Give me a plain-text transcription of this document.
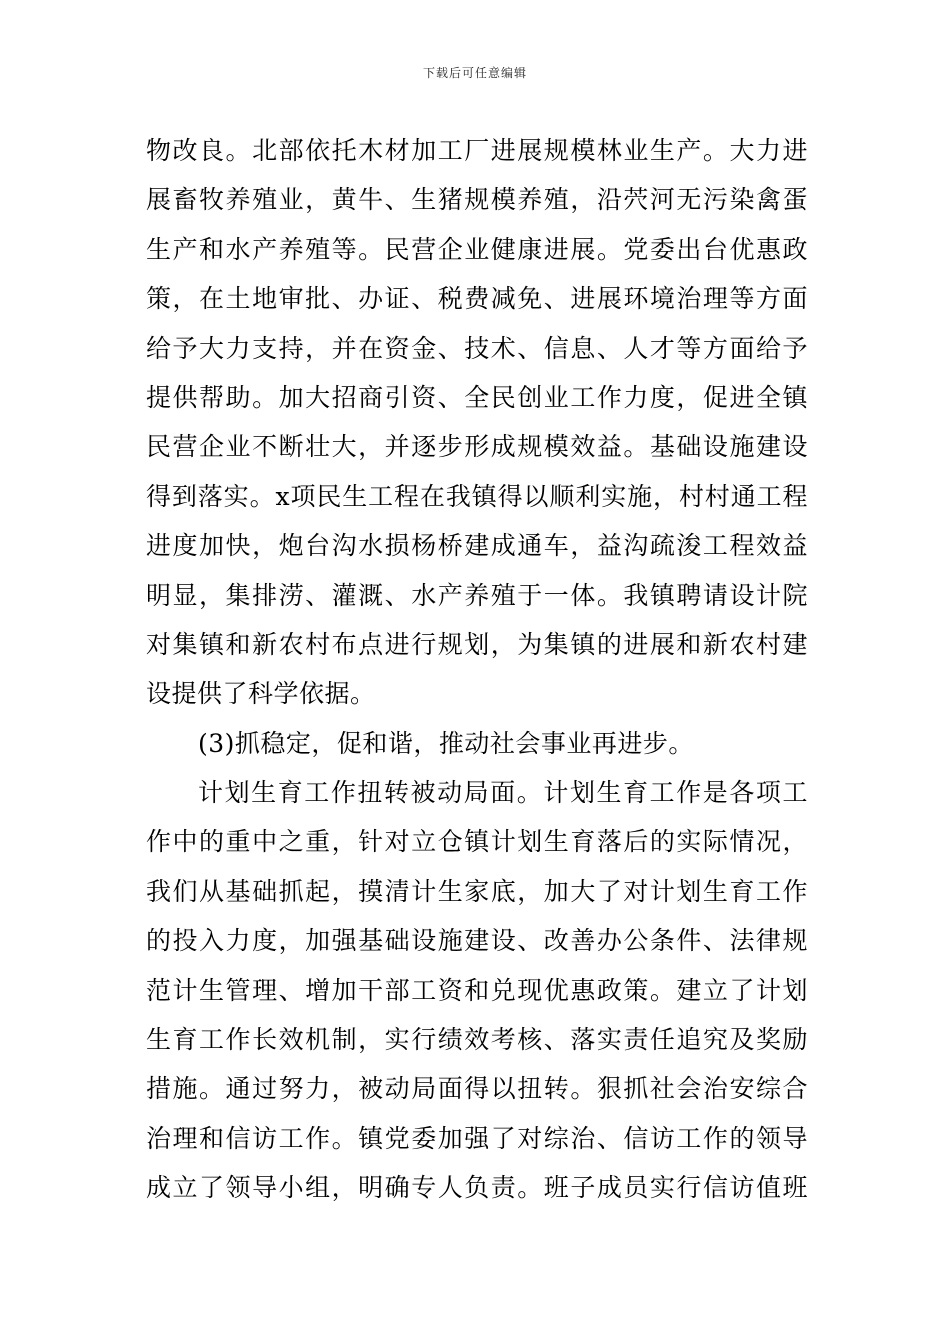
下载后可任意编辑
物改良。北部依托木材加工厂进展规模林业生产。大力进
展畜牧养殖业，黄牛、生猪规模养殖，沿茓河无污染禽蛋
生产和水产养殖等。民营企业健康进展。党委出台优惠政
策，在土地审批、办证、税费减免、进展环境治理等方面
给予大力支持，并在资金、技术、信息、人才等方面给予
提供帮助。加大招商引资、全民创业工作力度，促进全镇
民营企业不断壮大，并逐步形成规模效益。基础设施建设
得到落实。x项民生工程在我镇得以顺利实施，村村通工程
进度加快，炮台沟水损杨桥建成通车，益沟疏浚工程效益
明显，集排涝、灌溉、水产养殖于一体。我镇聘请设计院
对集镇和新农村布点进行规划，为集镇的进展和新农村建
设提供了科学依据。
(3)抓稳定，促和谐，推动社会事业再进步。
计划生育工作扭转被动局面。计划生育工作是各项工
作中的重中之重，针对立仓镇计划生育落后的实际情况，
我们从基础抓起，摸清计生家底，加大了对计划生育工作
的投入力度，加强基础设施建设、改善办公条件、法律规
范计生管理、增加干部工资和兑现优惠政策。建立了计划
生育工作长效机制，实行绩效考核、落实责任追究及奖励
措施。通过努力，被动局面得以扭转。狠抓社会治安综合
治理和信访工作。镇党委加强了对综治、信访工作的领导
成立了领导小组，明确专人负责。班子成员实行信访值班
